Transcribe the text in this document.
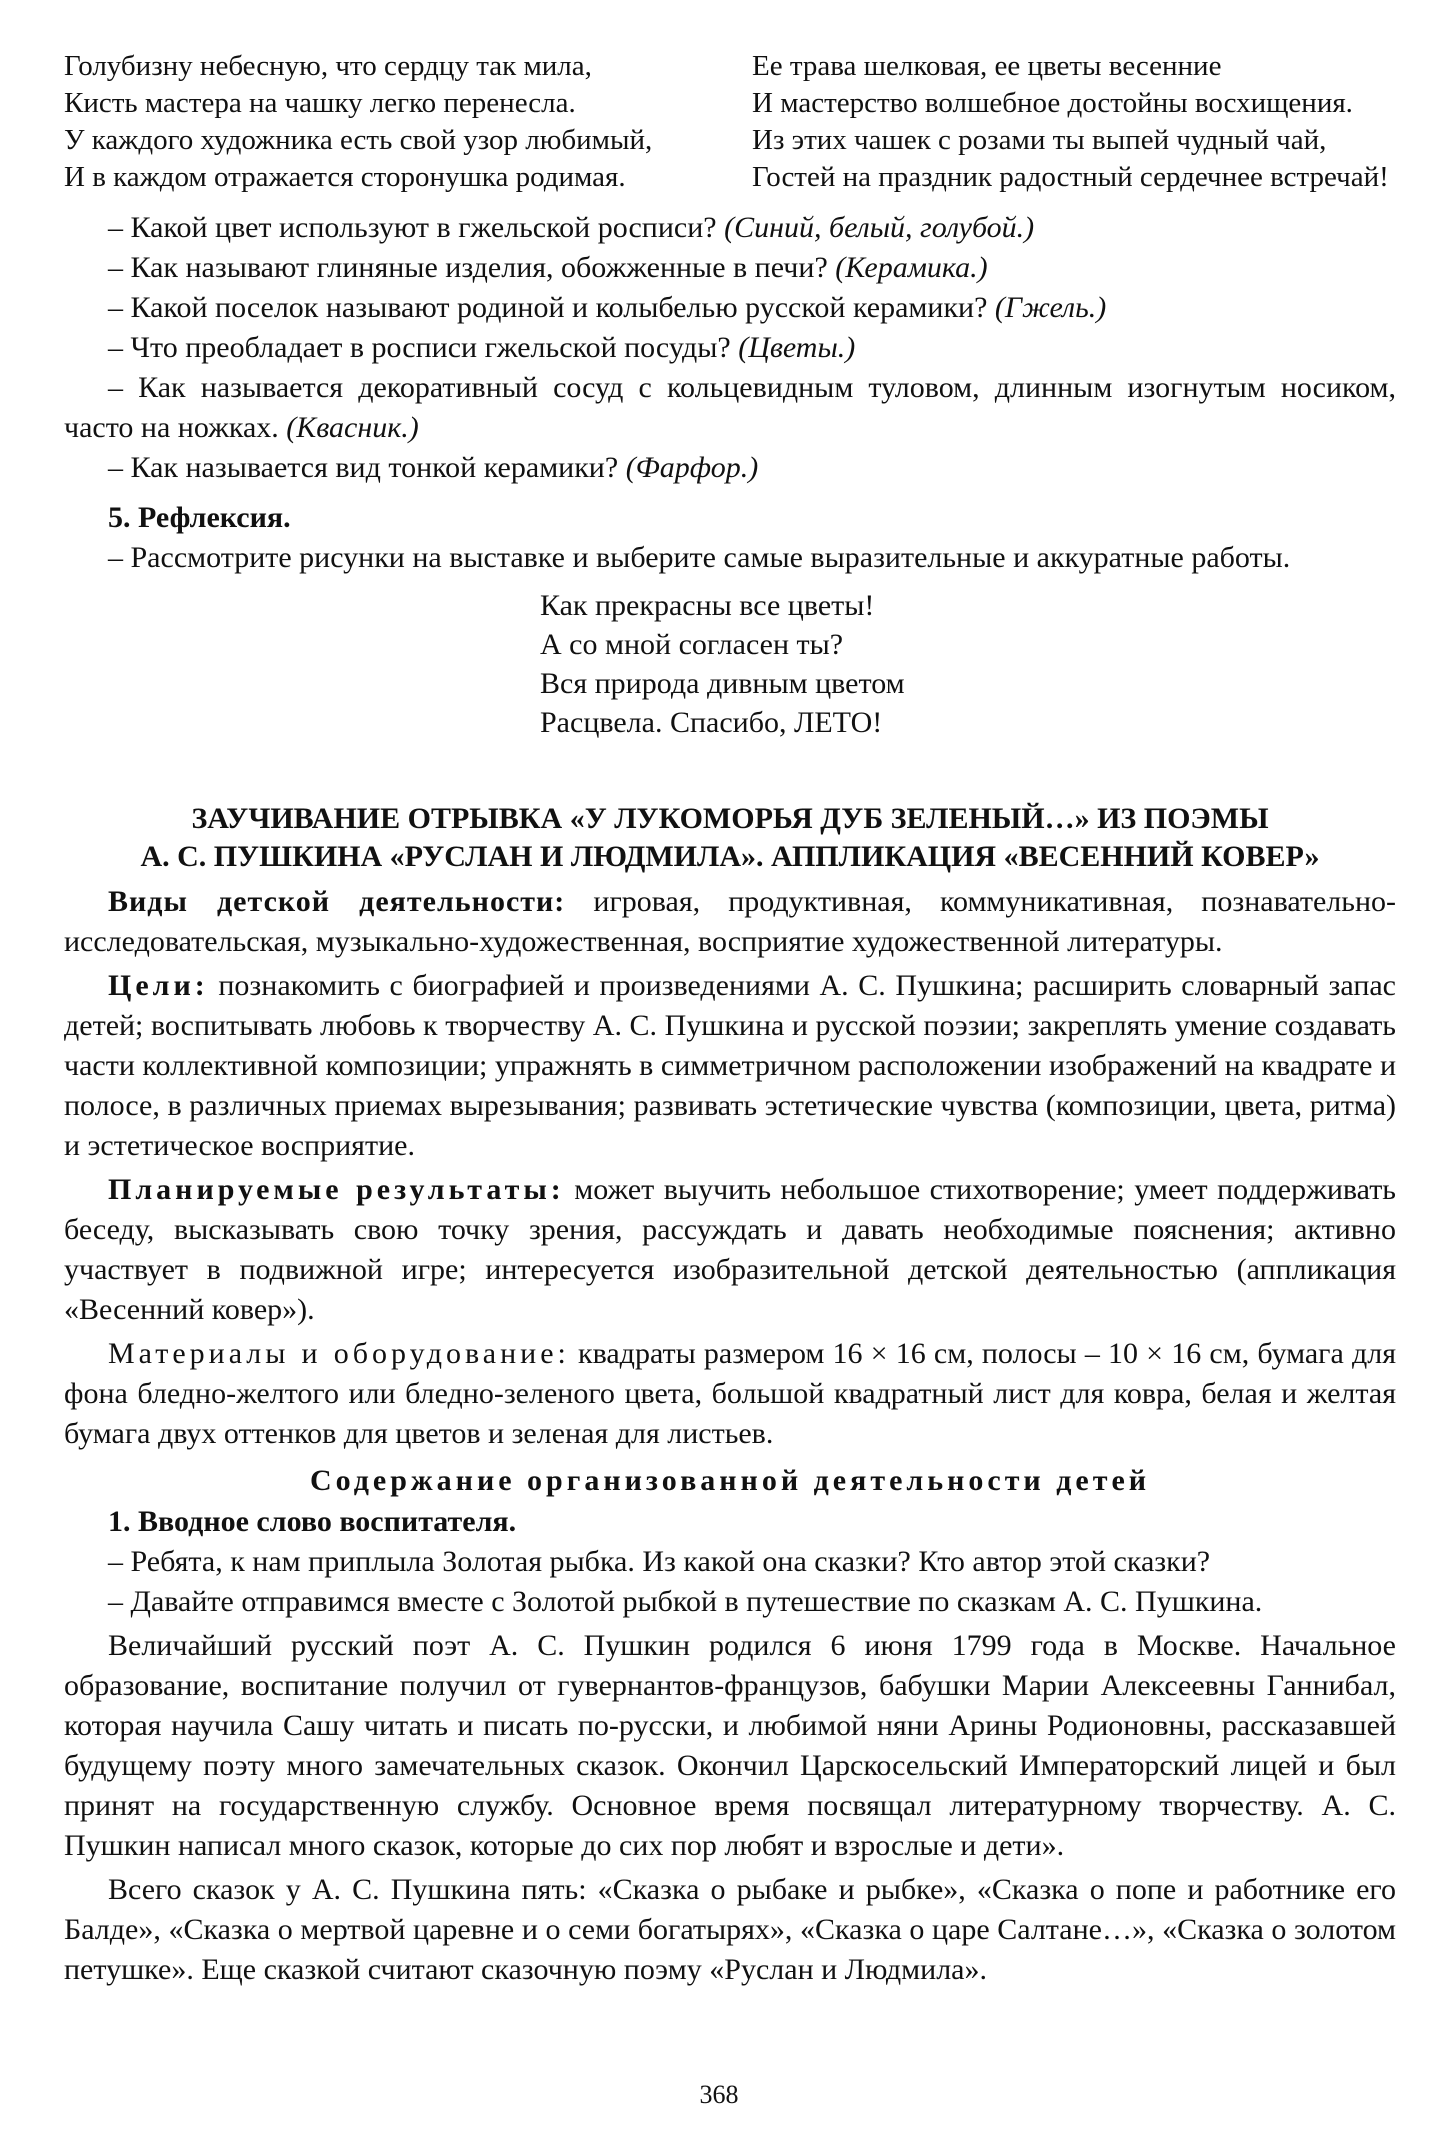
Голубизну небесную, что сердцу так мила,
Кисть мастера на чашку легко перенесла.
У каждого художника есть свой узор любимый,
И в каждом отражается сторонушка родимая.
Ее трава шелковая, ее цветы весенние
И мастерство волшебное достойны восхищения.
Из этих чашек с розами ты выпей чудный чай,
Гостей на праздник радостный сердечнее встречай!

– Какой цвет используют в гжельской росписи? (Синий, белый, голубой.)

– Как называют глиняные изделия, обожженные в печи? (Керамика.)

– Какой поселок называют родиной и колыбелью русской керамики? (Гжель.)

– Что преобладает в росписи гжельской посуды? (Цветы.)

– Как называется декоративный сосуд с кольцевидным туловом, длинным изогнутым носиком, часто на ножках. (Квасник.)

– Как называется вид тонкой керамики? (Фарфор.)

5. Рефлексия.

– Рассмотрите рисунки на выставке и выберите самые выразительные и аккуратные работы.

Как прекрасны все цветы!
А со мной согласен ты?
Вся природа дивным цветом
Расцвела. Спасибо, ЛЕТО!
ЗАУЧИВАНИЕ ОТРЫВКА «У ЛУКОМОРЬЯ ДУБ ЗЕЛЕНЫЙ…» ИЗ ПОЭМЫ
А. С. ПУШКИНА «РУСЛАН И ЛЮДМИЛА». АППЛИКАЦИЯ «ВЕСЕННИЙ КОВЕР»

Виды детской деятельности: игровая, продуктивная, коммуникативная, познавательно-исследовательская, музыкально-художественная, восприятие художественной литературы.

Цели: познакомить с биографией и произведениями А. С. Пушкина; расширить словарный запас детей; воспитывать любовь к творчеству А. С. Пушкина и русской поэзии; закреплять умение создавать части коллективной композиции; упражнять в симметричном расположении изображений на квадрате и полосе, в различных приемах вырезывания; развивать эстетические чувства (композиции, цвета, ритма) и эстетическое восприятие.

Планируемые результаты: может выучить небольшое стихотворение; умеет поддерживать беседу, высказывать свою точку зрения, рассуждать и давать необходимые пояснения; активно участвует в подвижной игре; интересуется изобразительной детской деятельностью (аппликация «Весенний ковер»).

Материалы и оборудование: квадраты размером 16 × 16 см, полосы – 10 × 16 см, бумага для фона бледно-желтого или бледно-зеленого цвета, большой квадратный лист для ковра, белая и желтая бумага двух оттенков для цветов и зеленая для листьев.

Содержание организованной деятельности детей

1. Вводное слово воспитателя.

– Ребята, к нам приплыла Золотая рыбка. Из какой она сказки? Кто автор этой сказки?

– Давайте отправимся вместе с Золотой рыбкой в путешествие по сказкам А. С. Пушкина.

Величайший русский поэт А. С. Пушкин родился 6 июня 1799 года в Москве. Начальное образование, воспитание получил от гувернантов-французов, бабушки Марии Алексеевны Ганнибал, которая научила Сашу читать и писать по-русски, и любимой няни Арины Родионовны, рассказавшей будущему поэту много замечательных сказок. Окончил Царскосельский Императорский лицей и был принят на государственную службу. Основное время посвящал литературному творчеству. А. С. Пушкин написал много сказок, которые до сих пор любят и взрослые и дети».

Всего сказок у А. С. Пушкина пять: «Сказка о рыбаке и рыбке», «Сказка о попе и работнике его Балде», «Сказка о мертвой царевне и о семи богатырях», «Сказка о царе Салтане…», «Сказка о золотом петушке». Еще сказкой считают сказочную поэму «Руслан и Людмила».

368
